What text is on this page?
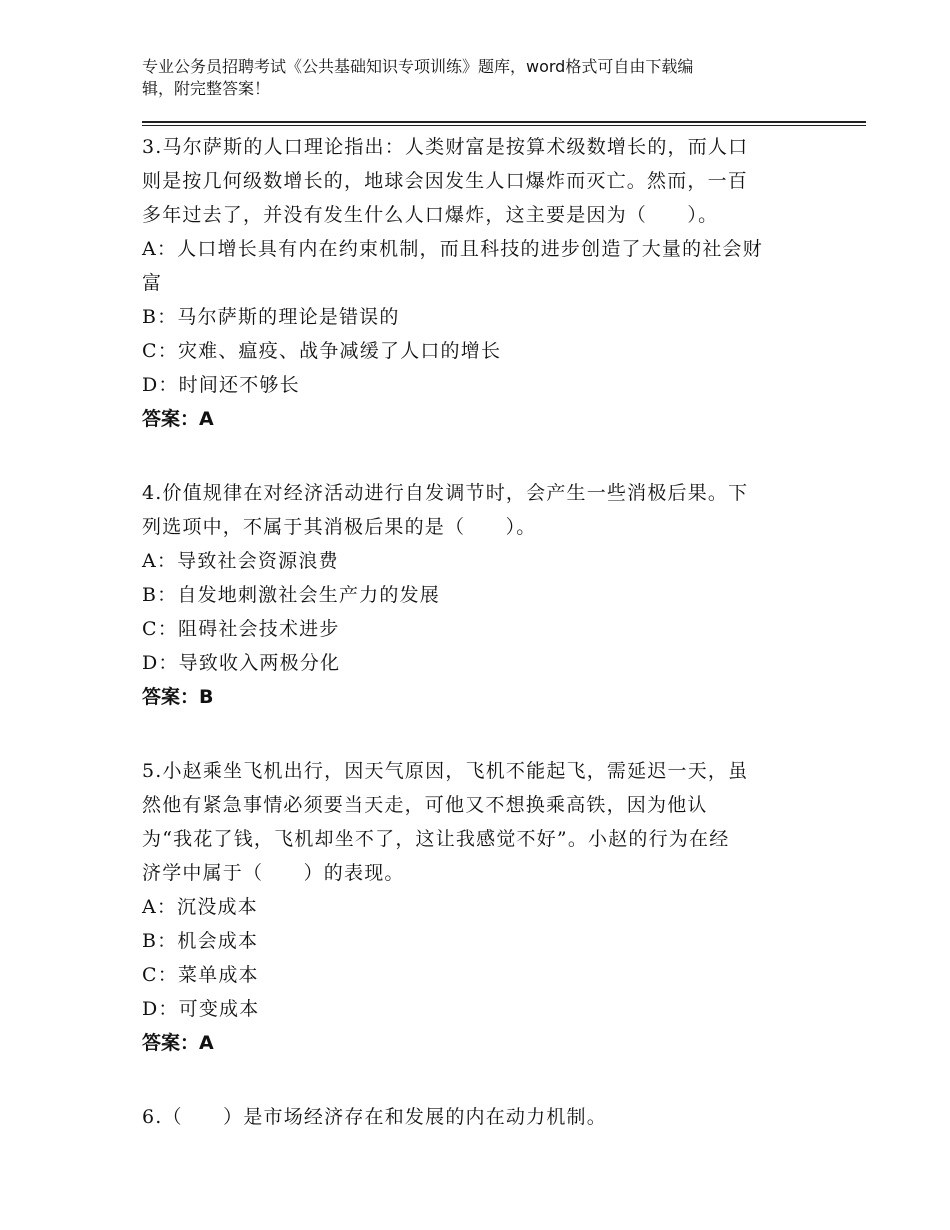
专业公务员招聘考试《公共基础知识专项训练》题库，word格式可自由下载编
辑，附完整答案！
3.马尔萨斯的人口理论指出：人类财富是按算术级数增长的，而人口
则是按几何级数增长的，地球会因发生人口爆炸而灭亡。然而，一百
多年过去了，并没有发生什么人口爆炸，这主要是因为（　　）。
A：人口增长具有内在约束机制，而且科技的进步创造了大量的社会财
富
B：马尔萨斯的理论是错误的
C：灾难、瘟疫、战争减缓了人口的增长
D：时间还不够长
答案：A
4.价值规律在对经济活动进行自发调节时，会产生一些消极后果。下
列选项中，不属于其消极后果的是（　　）。
A：导致社会资源浪费
B：自发地刺激社会生产力的发展
C：阻碍社会技术进步
D：导致收入两极分化
答案：B
5.小赵乘坐飞机出行，因天气原因，飞机不能起飞，需延迟一天，虽
然他有紧急事情必须要当天走，可他又不想换乘高铁，因为他认
为“我花了钱，飞机却坐不了，这让我感觉不好”。小赵的行为在经
济学中属于（　　）的表现。
A：沉没成本
B：机会成本
C：菜单成本
D：可变成本
答案：A
6.（　　）是市场经济存在和发展的内在动力机制。
